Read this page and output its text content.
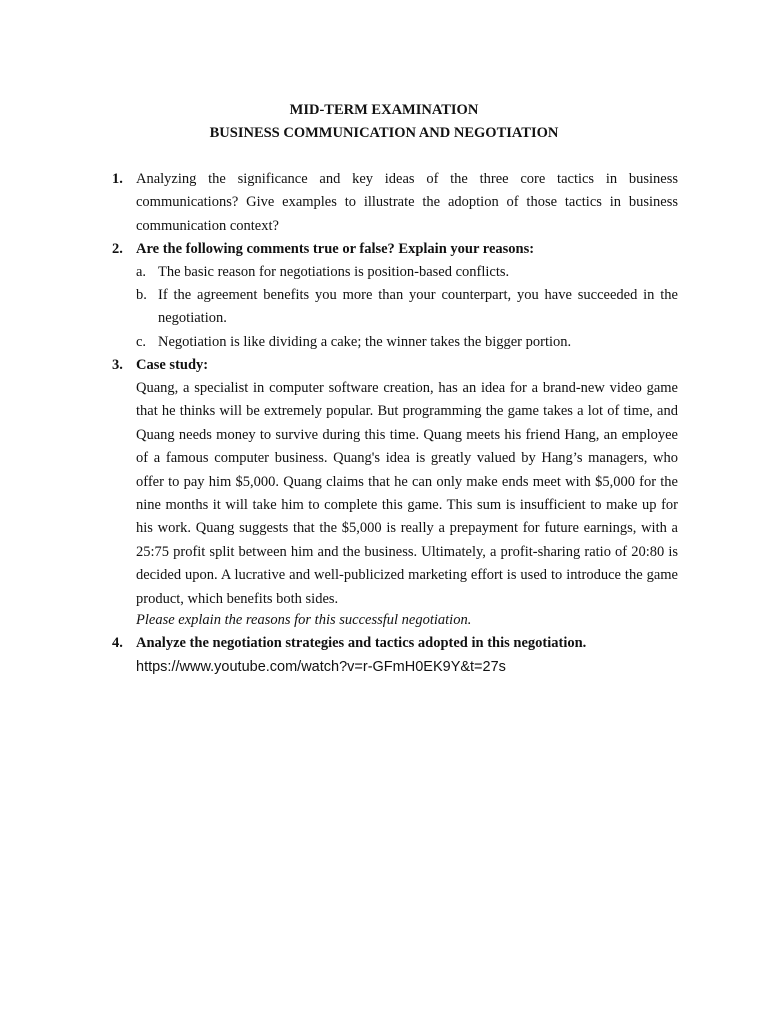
MID-TERM EXAMINATION
BUSINESS COMMUNICATION AND NEGOTIATION
1. Analyzing the significance and key ideas of the three core tactics in business communications? Give examples to illustrate the adoption of those tactics in business communication context?
2. Are the following comments true or false? Explain your reasons:
a. The basic reason for negotiations is position-based conflicts.
b. If the agreement benefits you more than your counterpart, you have succeeded in the negotiation.
c. Negotiation is like dividing a cake; the winner takes the bigger portion.
3. Case study:
Quang, a specialist in computer software creation, has an idea for a brand-new video game that he thinks will be extremely popular. But programming the game takes a lot of time, and Quang needs money to survive during this time. Quang meets his friend Hang, an employee of a famous computer business. Quang's idea is greatly valued by Hang’s managers, who offer to pay him $5,000. Quang claims that he can only make ends meet with $5,000 for the nine months it will take him to complete this game. This sum is insufficient to make up for his work. Quang suggests that the $5,000 is really a prepayment for future earnings, with a 25:75 profit split between him and the business. Ultimately, a profit-sharing ratio of 20:80 is decided upon. A lucrative and well-publicized marketing effort is used to introduce the game product, which benefits both sides.
Please explain the reasons for this successful negotiation.
4. Analyze the negotiation strategies and tactics adopted in this negotiation.
https://www.youtube.com/watch?v=r-GFmH0EK9Y&t=27s
